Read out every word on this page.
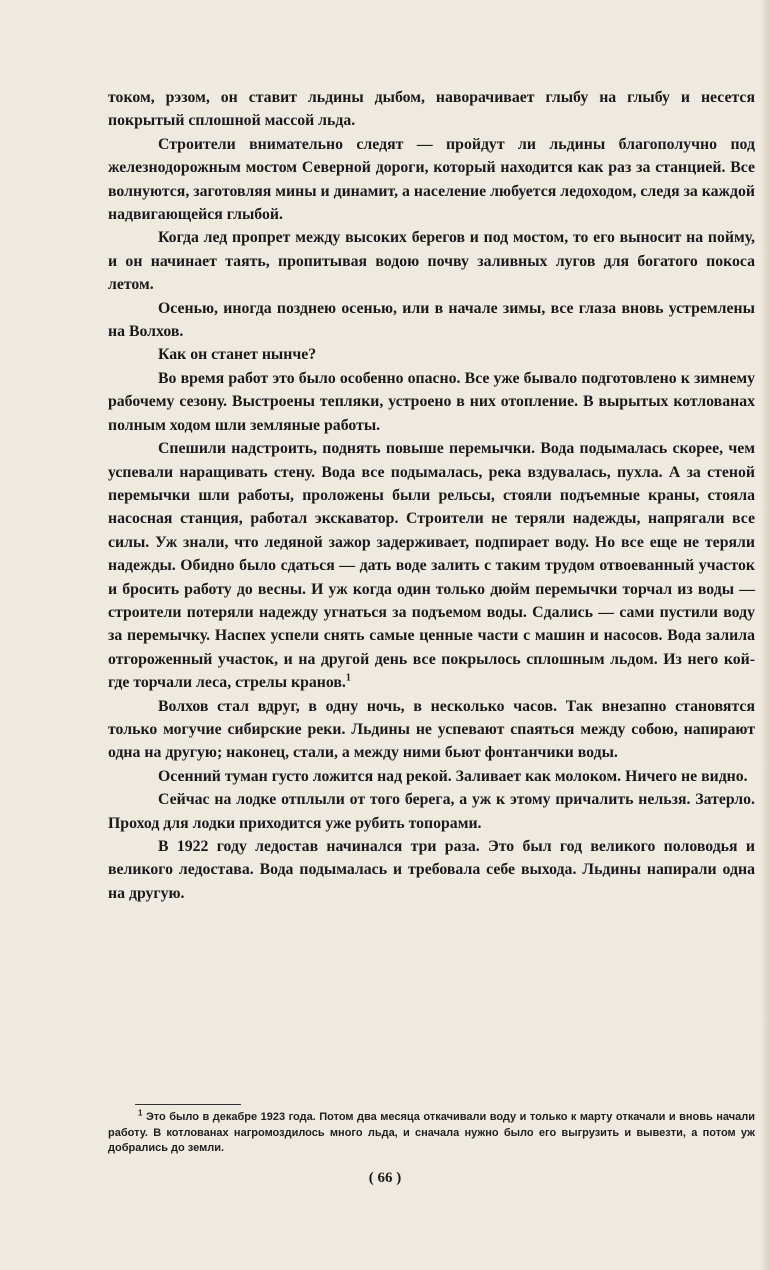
током, рэзом, он ставит льдины дыбом, наворачивает глыбу на глыбу и несется покрытый сплошной массой льда.

Строители внимательно следят — пройдут ли льдины благополучно под железнодорожным мостом Северной дороги, который находится как раз за станцией. Все волнуются, заготовляя мины и динамит, а население любуется ледоходом, следя за каждой надвигающейся глыбой.

Когда лед пропрет между высоких берегов и под мостом, то его выносит на пойму, и он начинает таять, пропитывая водою почву заливных лугов для богатого покоса летом.

Осенью, иногда позднею осенью, или в начале зимы, все глаза вновь устремлены на Волхов.

Как он станет нынче?

Во время работ это было особенно опасно. Все уже бывало подготовлено к зимнему рабочему сезону. Выстроены тепляки, устроено в них отопление. В вырытых котлованах полным ходом шли земляные работы.

Спешили надстроить, поднять повыше перемычки. Вода подымалась скорее, чем успевали наращивать стену. Вода все подымалась, река вздувалась, пухла. А за стеной перемычки шли работы, проложены были рельсы, стояли подъемные краны, стояла насосная станция, работал экскаватор. Строители не теряли надежды, напрягали все силы. Уж знали, что ледяной зажор задерживает, подпирает воду. Но все еще не теряли надежды. Обидно было сдаться — дать воде залить с таким трудом отвоеванный участок и бросить работу до весны. И уж когда один только дюйм перемычки торчал из воды — строители потеряли надежду угнаться за подъемом воды. Сдались — сами пустили воду за перемычку. Наспех успели снять самые ценные части с машин и насосов. Вода залила отгороженный участок, и на другой день все покрылось сплошным льдом. Из него кой-где торчали леса, стрелы кранов.$^1$

Волхов стал вдруг, в одну ночь, в несколько часов. Так внезапно становятся только могучие сибирские реки. Льдины не успевают спаяться между собою, напирают одна на другую; наконец, стали, а между ними бьют фонтанчики воды.

Осенний туман густо ложится над рекой. Заливает как молоком. Ничего не видно.

Сейчас на лодке отплыли от того берега, а уж к этому причалить нельзя. Затерло. Проход для лодки приходится уже рубить топорами.

В 1922 году ледостав начинался три раза. Это был год великого половодья и великого ледостава. Вода подымалась и требовала себе выхода. Льдины напирали одна на другую.

$^1$ Это было в декабре 1923 года. Потом два месяца откачивали воду и только к марту откачали и вновь начали работу. В котлованах нагромоздилось много льда, и сначала нужно было его выгрузить и вывезти, а потом уж добрались до земли.

( 66 )
